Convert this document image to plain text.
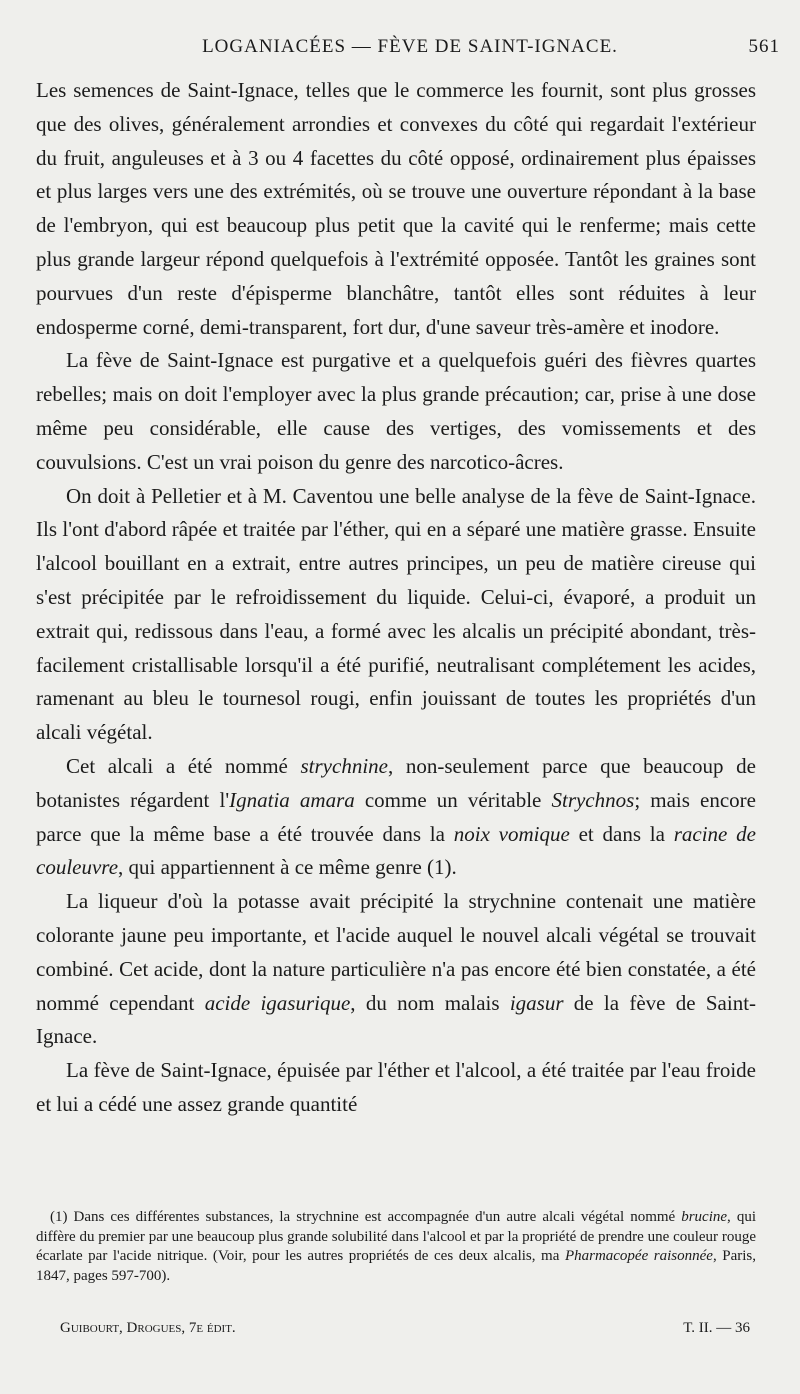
LOGANIACÉES — FÈVE DE SAINT-IGNACE.	561

Les semences de Saint-Ignace, telles que le commerce les fournit, sont plus grosses que des olives, généralement arrondies et convexes du côté qui regardait l'extérieur du fruit, anguleuses et à 3 ou 4 facettes du côté opposé, ordinairement plus épaisses et plus larges vers une des extrémités, où se trouve une ouverture répondant à la base de l'embryon, qui est beaucoup plus petit que la cavité qui le renferme; mais cette plus grande largeur répond quelquefois à l'extrémité opposée. Tantôt les graines sont pourvues d'un reste d'épisperme blanchâtre, tantôt elles sont réduites à leur endosperme corné, demi-transparent, fort dur, d'une saveur très-amère et inodore.

La fève de Saint-Ignace est purgative et a quelquefois guéri des fièvres quartes rebelles; mais on doit l'employer avec la plus grande précaution; car, prise à une dose même peu considérable, elle cause des vertiges, des vomissements et des couvulsions. C'est un vrai poison du genre des narcotico-âcres.

On doit à Pelletier et à M. Caventou une belle analyse de la fève de Saint-Ignace. Ils l'ont d'abord râpée et traitée par l'éther, qui en a séparé une matière grasse. Ensuite l'alcool bouillant en a extrait, entre autres principes, un peu de matière cireuse qui s'est précipitée par le refroidissement du liquide. Celui-ci, évaporé, a produit un extrait qui, redissous dans l'eau, a formé avec les alcalis un précipité abondant, très-facilement cristallisable lorsqu'il a été purifié, neutralisant complétement les acides, ramenant au bleu le tournesol rougi, enfin jouissant de toutes les propriétés d'un alcali végétal.

Cet alcali a été nommé strychnine, non-seulement parce que beaucoup de botanistes régardent l'Ignatia amara comme un véritable Strychnos; mais encore parce que la même base a été trouvée dans la noix vomique et dans la racine de couleuvre, qui appartiennent à ce même genre (1).

La liqueur d'où la potasse avait précipité la strychnine contenait une matière colorante jaune peu importante, et l'acide auquel le nouvel alcali végétal se trouvait combiné. Cet acide, dont la nature particulière n'a pas encore été bien constatée, a été nommé cependant acide igasurique, du nom malais igasur de la fève de Saint-Ignace.

La fève de Saint-Ignace, épuisée par l'éther et l'alcool, a été traitée par l'eau froide et lui a cédé une assez grande quantité

(1) Dans ces différentes substances, la strychnine est accompagnée d'un autre alcali végétal nommé brucine, qui diffère du premier par une beaucoup plus grande solubilité dans l'alcool et par la propriété de prendre une couleur rouge écarlate par l'acide nitrique. (Voir, pour les autres propriétés de ces deux alcalis, ma Pharmacopée raisonnée, Paris, 1847, pages 597-700).

Guibourt, Drogues, 7e édit.	T. II. — 36
